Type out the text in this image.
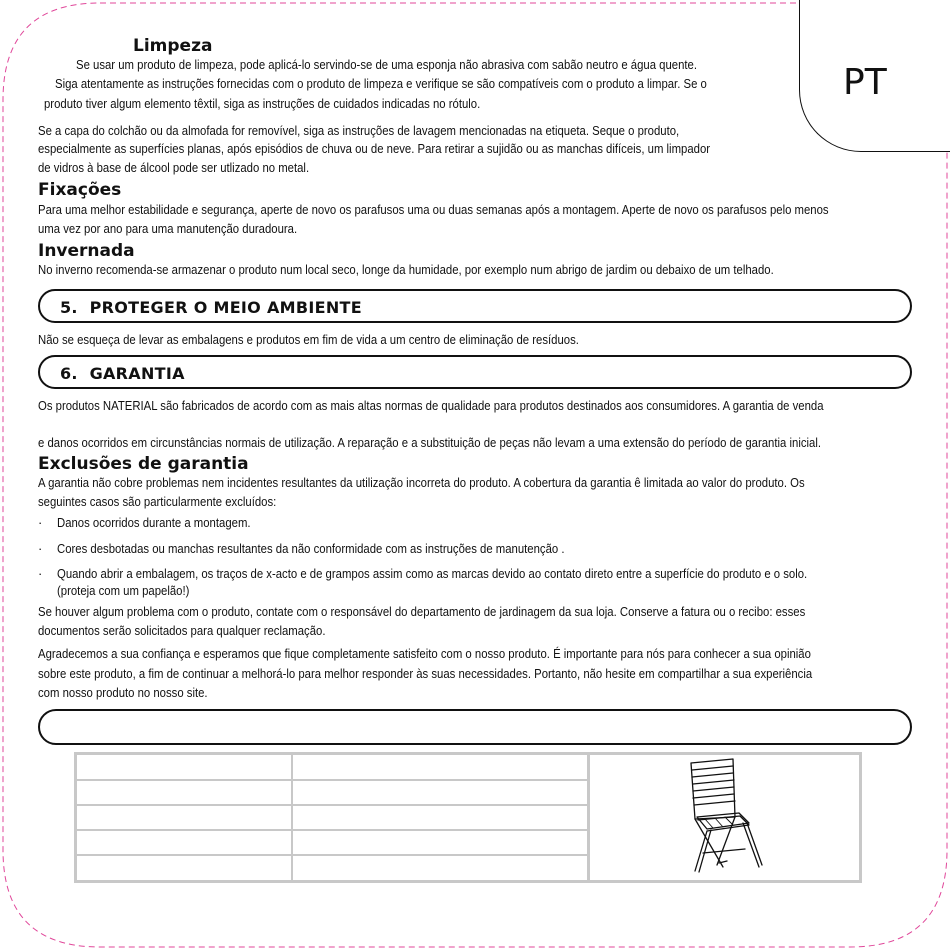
PT
Limpeza

Se usar um produto de limpeza, pode aplicá-lo servindo-se de uma esponja não abrasiva com sabão neutro e água quente.

Siga atentamente as instruções fornecidas com o produto de limpeza e verifique se são compatíveis com o produto a limpar. Se o

produto tiver algum elemento têxtil, siga as instruções de cuidados indicadas no rótulo.

Se a capa do colchão ou da almofada for removível, siga as instruções de lavagem mencionadas na etiqueta. Seque o produto,

especialmente as superfícies planas, após episódios de chuva ou de neve. Para retirar a sujidão ou as manchas difíceis, um limpador

de vidros à base de álcool pode ser utlizado no metal.

Fixações

Para uma melhor estabilidade e segurança, aperte de novo os parafusos uma ou duas semanas após a montagem. Aperte de novo os parafusos pelo menos

uma vez por ano para uma manutenção duradoura.

Invernada

No inverno recomenda-se armazenar o produto num local seco, longe da humidade, por exemplo num abrigo de jardim ou debaixo de um telhado.

5. PROTEGER O MEIO AMBIENTE

Não se esqueça de levar as embalagens e produtos em fim de vida a um centro de eliminação de resíduos.

6. GARANTIA

Os produtos NATERIAL são fabricados de acordo com as mais altas normas de qualidade para produtos destinados aos consumidores. A garantia de venda

e danos ocorridos em circunstâncias normais de utilização. A reparação e a substituição de peças não levam a uma extensão do período de garantia inicial.

Exclusões de garantia

A garantia não cobre problemas nem incidentes resultantes da utilização incorreta do produto. A cobertura da garantia ê limitada ao valor do produto. Os

seguintes casos são particularmente excluídos:

· Danos ocorridos durante a montagem.

· Cores desbotadas ou manchas resultantes da não conformidade com as instruções de manutenção .

· Quando abrir a embalagem, os traços de x-acto e de grampos assim como as marcas devido ao contato direto entre a superfície do produto e o solo.

(proteja com um papelão!)

Se houver algum problema com o produto, contate com o responsável do departamento de jardinagem da sua loja. Conserve a fatura ou o recibo: esses

documentos serão solicitados para qualquer reclamação.

Agradecemos a sua confiança e esperamos que fique completamente satisfeito com o nosso produto. É importante para nós para conhecer a sua opinião

sobre este produto, a fim de continuar a melhorá-lo para melhor responder às suas necessidades. Portanto, não hesite em compartilhar a sua experiência

com nosso produto no nosso site.
